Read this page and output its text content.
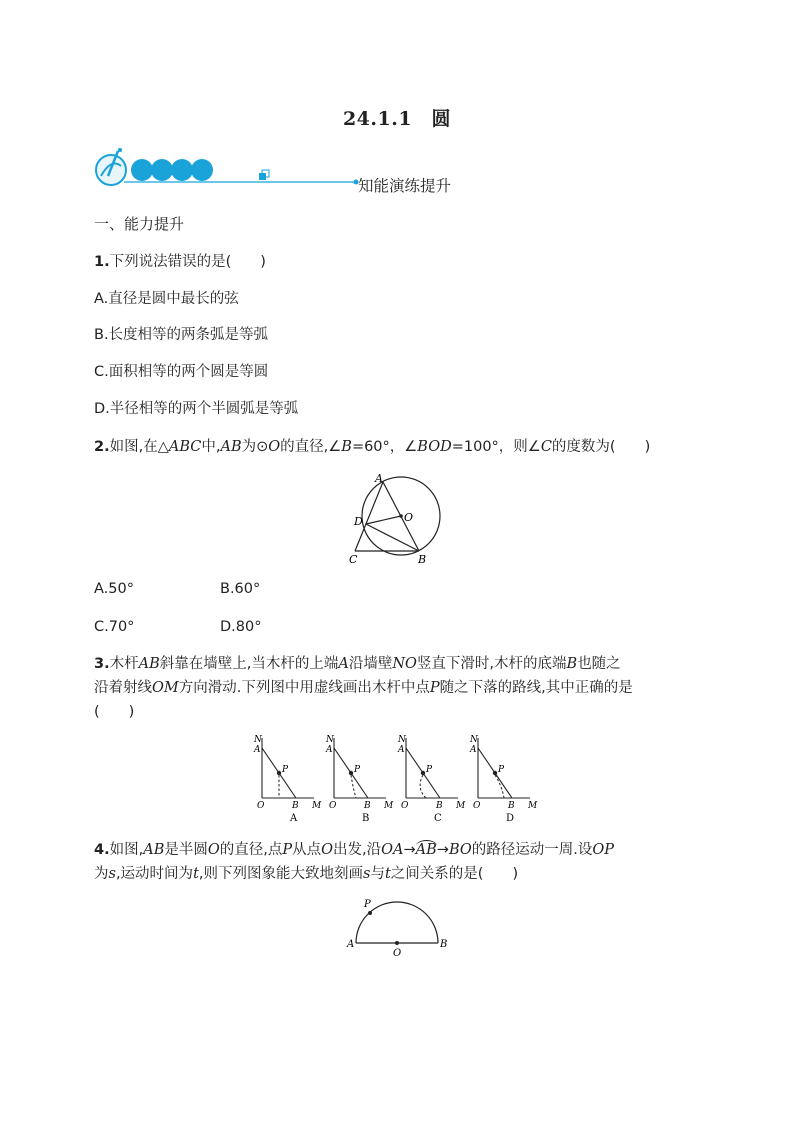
24.1.1　圆
知能演练提升
一、能力提升
1.下列说法错误的是(　　)
A.直径是圆中最长的弦
B.长度相等的两条弧是等弧
C.面积相等的两个圆是等圆
D.半径相等的两个半圆弧是等弧
2.如图,在△ABC中,AB为⊙O的直径,∠B=60°，∠BOD=100°，则∠C的度数为(　　)
A
O
D
C	B
A.50°	B.60°
C.70°	D.80°
3.木杆AB斜靠在墙壁上,当木杆的上端A沿墙壁NO竖直下滑时,木杆的底端B也随之
沿着射线OM方向滑动.下列图中用虚线画出木杆中点P随之下落的路线,其中正确的是
(　　)
N
A
P
O	B M
A
N
A
P
O	B M
B
N
A
P
O	B M
C
N
A
P
O	B M
D
4.如图,AB是半圆O的直径,点P从点O出发,沿OA→AB→BO的路径运动一周.设OP
为s,运动时间为t,则下列图象能大致地刻画s与t之间关系的是(　　)
P
A
O
B
